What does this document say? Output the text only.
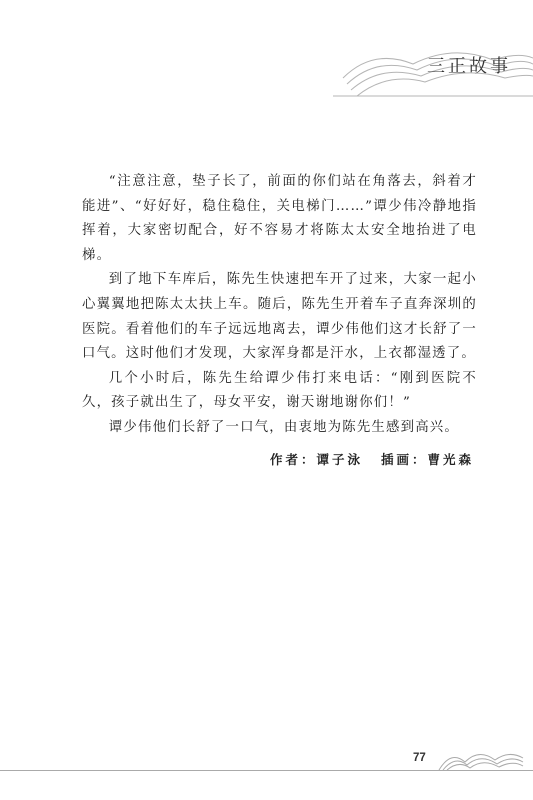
三正故事

“注意注意，垫子长了，前面的你们站在角落去，斜着才能进”、“好好好，稳住稳住，关电梯门……”谭少伟冷静地指挥着，大家密切配合，好不容易才将陈太太安全地抬进了电梯。

到了地下车库后，陈先生快速把车开了过来，大家一起小心翼翼地把陈太太扶上车。随后，陈先生开着车子直奔深圳的医院。看着他们的车子远远地离去，谭少伟他们这才长舒了一口气。这时他们才发现，大家浑身都是汗水，上衣都湿透了。

几个小时后，陈先生给谭少伟打来电话：“刚到医院不久，孩子就出生了，母女平安，谢天谢地谢你们！”

谭少伟他们长舒了一口气，由衷地为陈先生感到高兴。

作者：谭子泳 插画：曹光森
77
